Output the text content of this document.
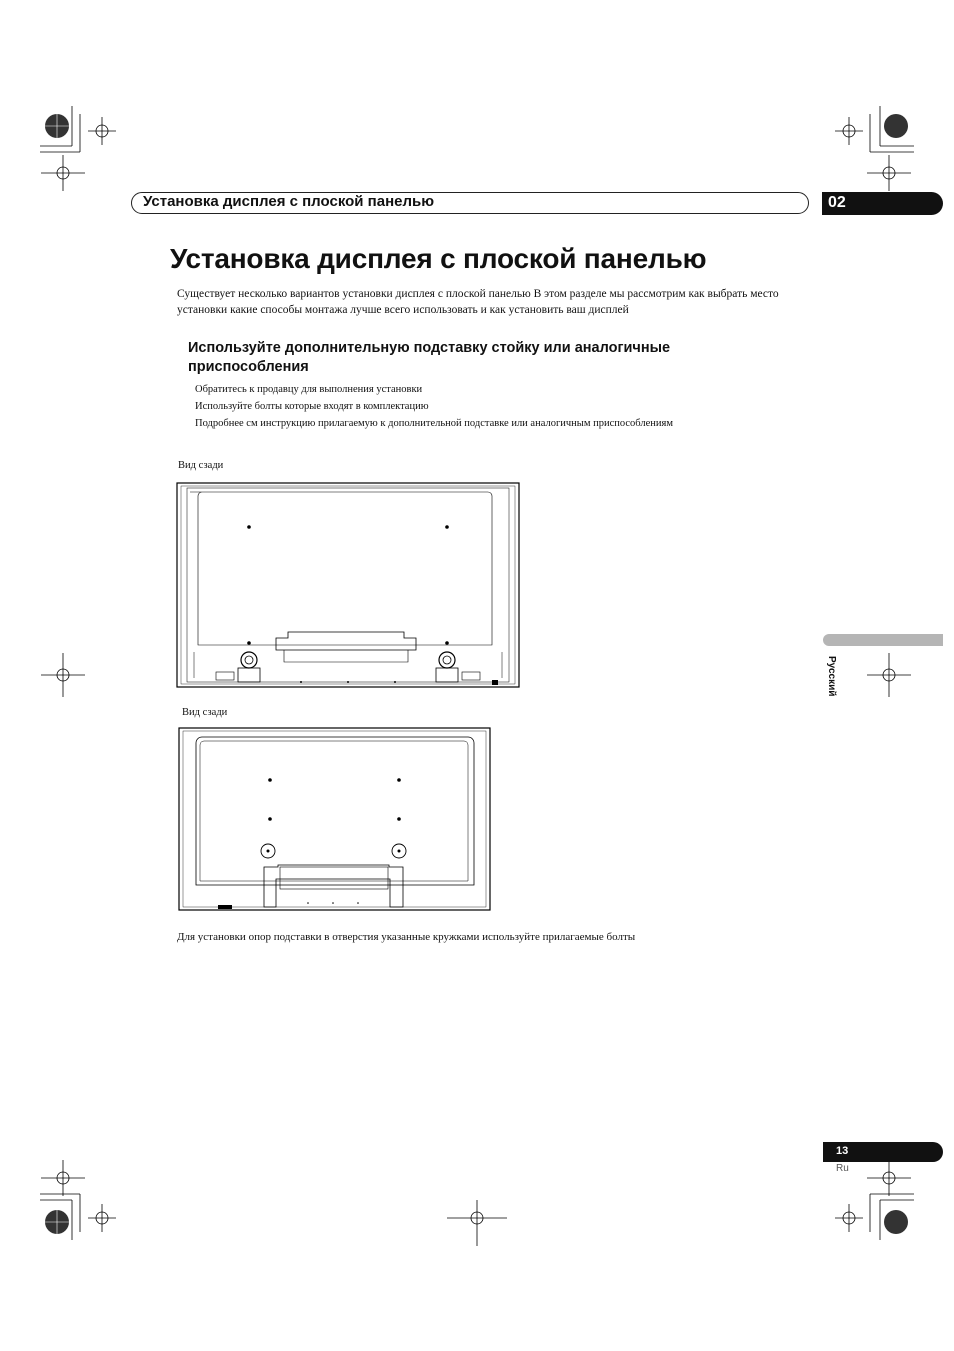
Установка дисплея с плоской панелью	02
Установка дисплея с плоской панелью

Существует несколько вариантов установки дисплея с плоской панелью В этом разделе мы рассмотрим как выбрать место установки какие способы монтажа лучше всего использовать и как установить ваш дисплей

Используйте дополнительную подставку стойку или аналогичные приспособления
Обратитесь к продавцу для выполнения установки
Используйте болты которые входят в комплектацию
Подробнее см инструкцию прилагаемую к дополнительной подставке или аналогичным приспособлениям
Вид сзади
Вид сзади
Для установки опор подставки в отверстия указанные кружками используйте прилагаемые болты
Русский
13
Ru
